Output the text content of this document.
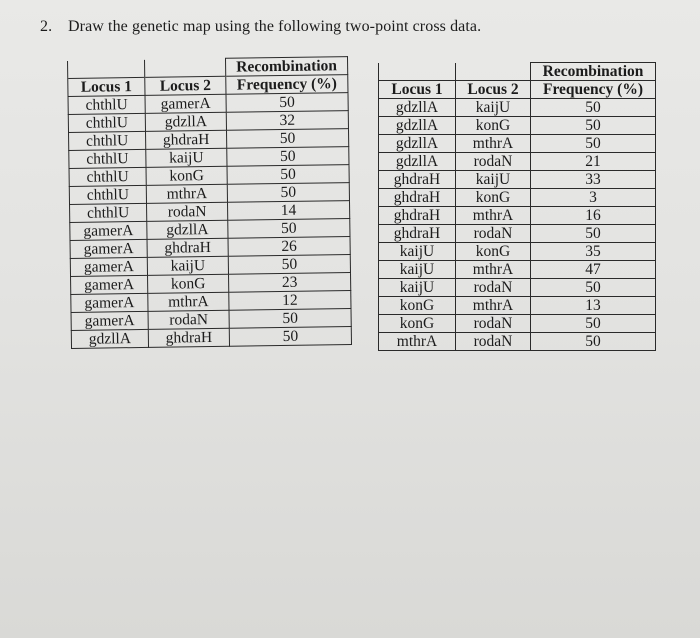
2. Draw the genetic map using the following two-point cross data.
		Recombination
Locus 1	Locus 2	Frequency (%)
chthlU	gamerA	50
chthlU	gdzllA	32
chthlU	ghdraH	50
chthlU	kaijU	50
chthlU	konG	50
chthlU	mthrA	50
chthlU	rodaN	14
gamerA	gdzllA	50
gamerA	ghdraH	26
gamerA	kaijU	50
gamerA	konG	23
gamerA	mthrA	12
gamerA	rodaN	50
gdzllA	ghdraH	50
		Recombination
Locus 1	Locus 2	Frequency (%)
gdzllA	kaijU	50
gdzllA	konG	50
gdzllA	mthrA	50
gdzllA	rodaN	21
ghdraH	kaijU	33
ghdraH	konG	3
ghdraH	mthrA	16
ghdraH	rodaN	50
kaijU	konG	35
kaijU	mthrA	47
kaijU	rodaN	50
konG	mthrA	13
konG	rodaN	50
mthrA	rodaN	50
